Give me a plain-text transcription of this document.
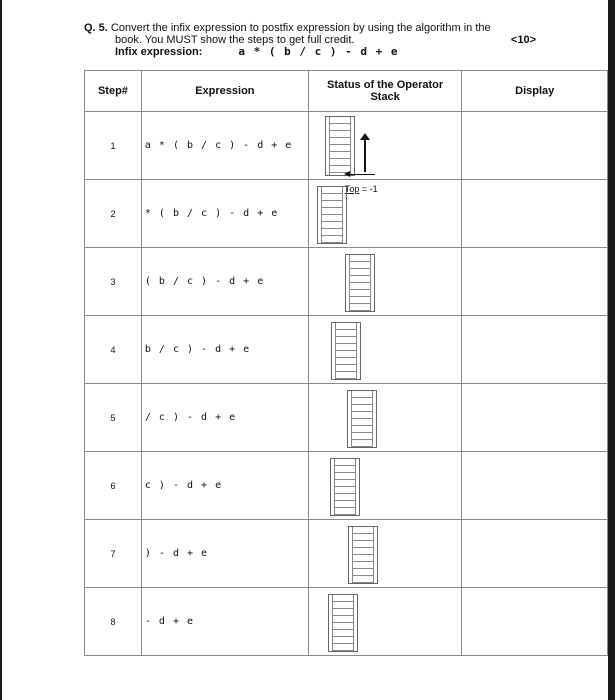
Q. 5. Convert the infix expression to postfix expression by using the algorithm in the
book. You MUST show the steps to get full credit.	<10>
Infix expression:	a * ( b / c ) - d + e
Step#	Expression	Status of the Operator
Stack	Display
1	a * ( b / c ) - d + e	Top = -1	

2	* ( b / c ) - d + e	

3	( b / c ) - d + e	

4	b / c ) - d + e	

5	/ c ) - d + e	

6	c ) - d + e	

7	) - d + e	

8	- d + e	
